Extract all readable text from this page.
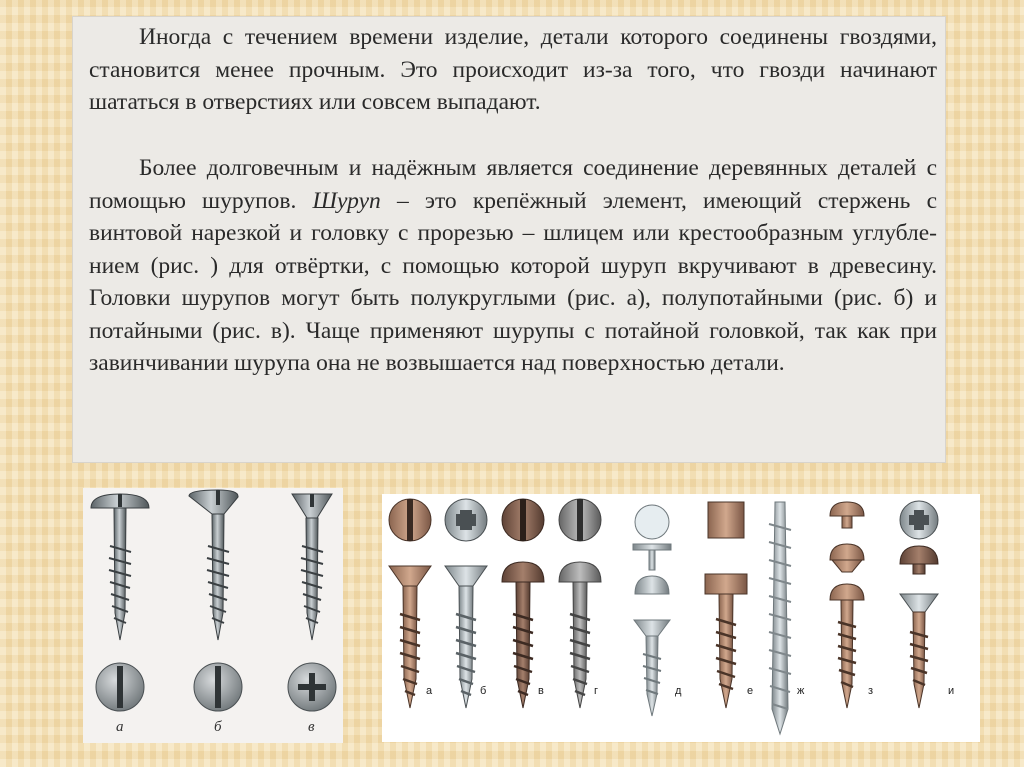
Иногда с течением времени изделие, детали которого соединены гвоздями, становится менее прочным. Это происходит из-за того, что гвозди начинают шататься в отверстиях или совсем выпадают.

Более долговечным и надёжным является соединение деревянных деталей с помощью шурупов. Шуруп – это крепёжный элемент, имеющий стержень с винтовой нарезкой и головку с прорезью – шлицем или крестообразным углублением (рис. ) для отвёртки, с помощью которой шуруп вкручивают в древесину. Головки шурупов могут быть полукруглыми (рис. а), полупотайными (рис. б) и потайными (рис. в). Чаще применяют шурупы с потайной головкой, так как при завинчивании шурупа она не возвышается над поверхностью детали.

а	б	в
а	б	в	г	д	е	ж	з	и
